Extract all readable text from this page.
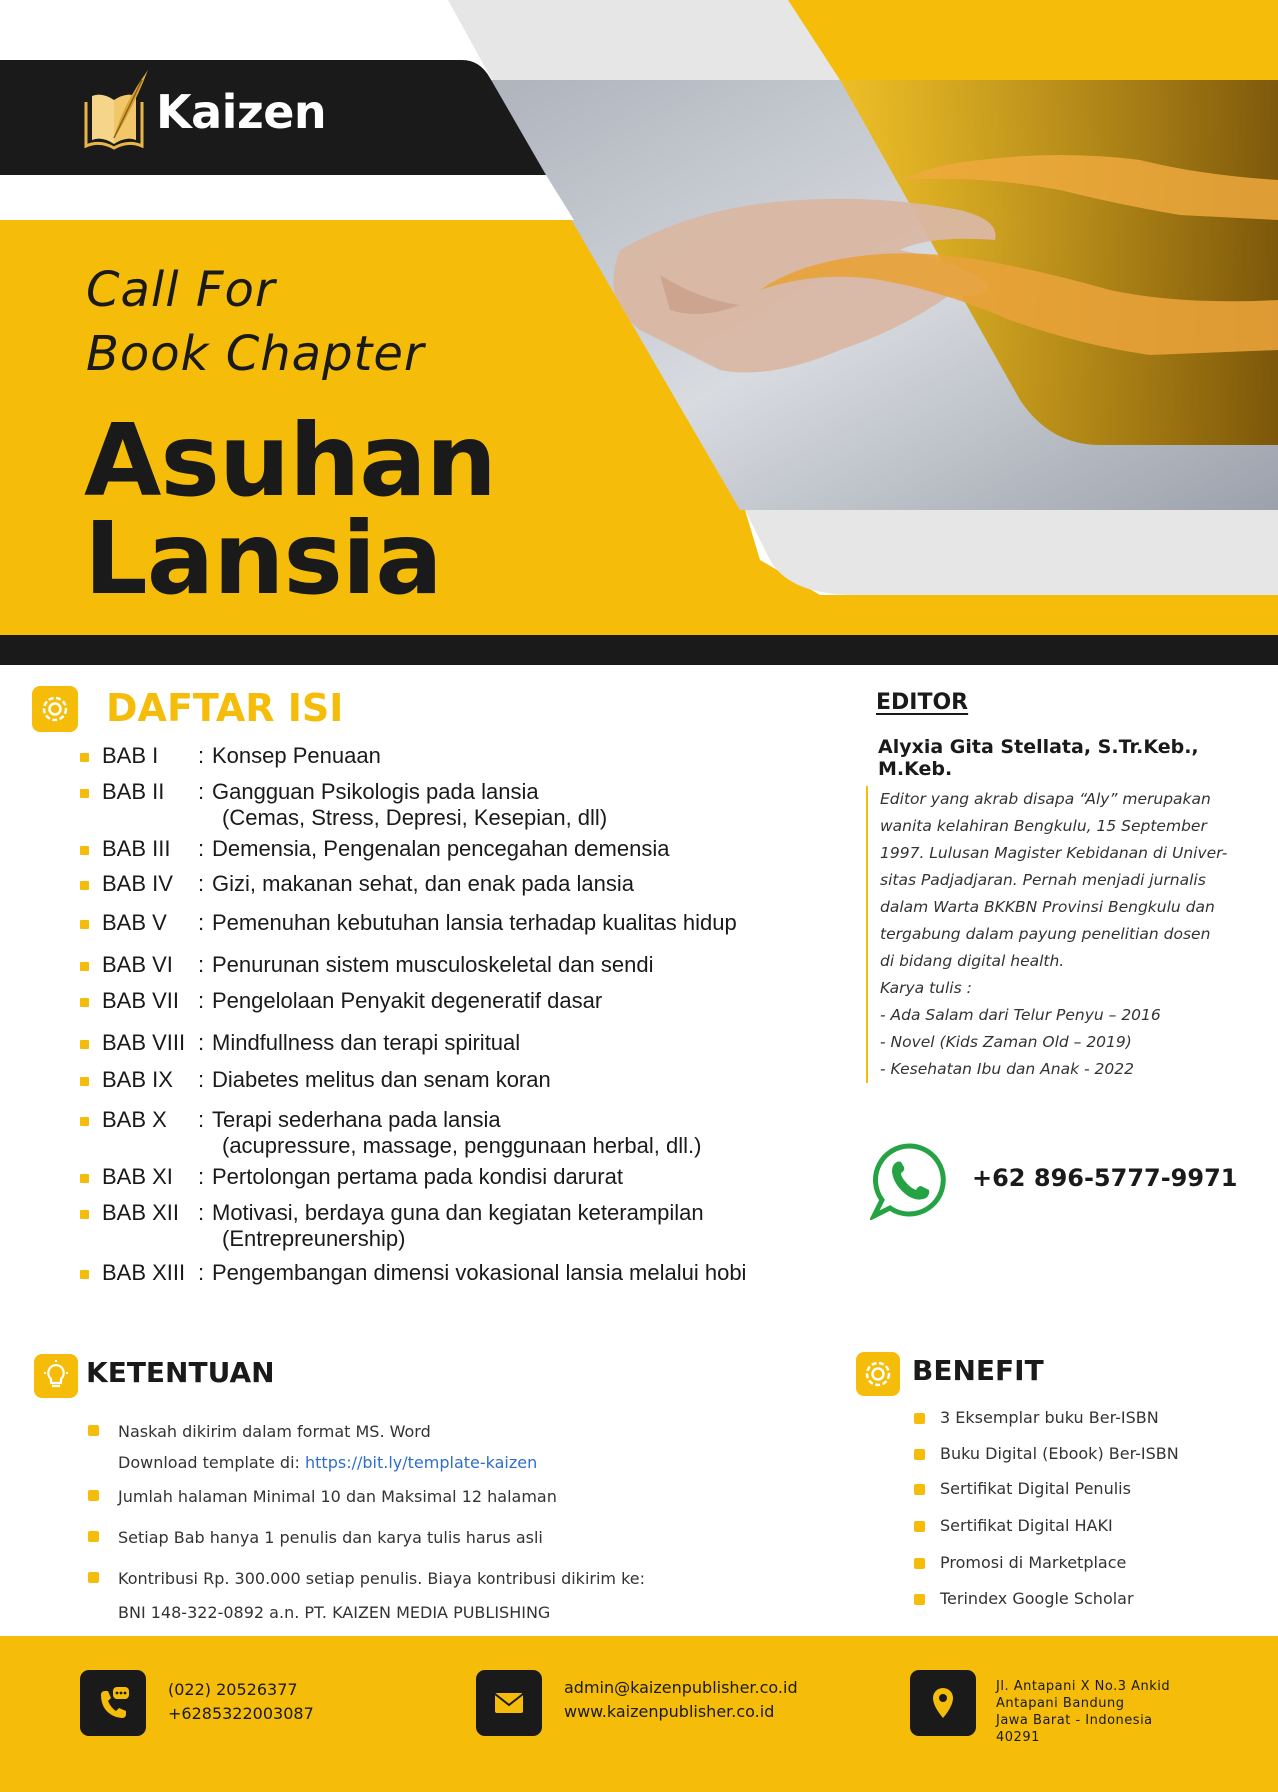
Kaizen
Call For
Book Chapter
Asuhan
Lansia
DAFTAR ISI
BAB I	: Konsep Penuaan
BAB II	: Gangguan Psikologis pada lansia
(Cemas, Stress, Depresi, Kesepian, dll)
BAB III	: Demensia, Pengenalan pencegahan demensia
BAB IV	: Gizi, makanan sehat, dan enak pada lansia
BAB V	: Pemenuhan kebutuhan lansia terhadap kualitas hidup
BAB VI	: Penurunan sistem musculoskeletal dan sendi
BAB VII : Pengelolaan Penyakit degeneratif dasar
BAB VIII : Mindfullness dan terapi spiritual
BAB IX	: Diabetes melitus dan senam koran
BAB X	: Terapi sederhana pada lansia
(acupressure, massage, penggunaan herbal, dll.)
BAB XI	: Pertolongan pertama pada kondisi darurat
BAB XII : Motivasi, berdaya guna dan kegiatan keterampilan
(Entrepreunership)
BAB XIII : Pengembangan dimensi vokasional lansia melalui hobi
EDITOR
Alyxia Gita Stellata, S.Tr.Keb.,
M.Keb.
Editor yang akrab disapa “Aly” merupakan
wanita kelahiran Bengkulu, 15 September
1997. Lulusan Magister Kebidanan di Univer-
sitas Padjadjaran. Pernah menjadi jurnalis
dalam Warta BKKBN Provinsi Bengkulu dan
tergabung dalam payung penelitian dosen
di bidang digital health.
Karya tulis :
- Ada Salam dari Telur Penyu – 2016
- Novel (Kids Zaman Old – 2019)
- Kesehatan Ibu dan Anak - 2022
+62 896-5777-9971
KETENTUAN
Naskah dikirim dalam format MS. Word
Download template di: https://bit.ly/template-kaizen
Jumlah halaman Minimal 10 dan Maksimal 12 halaman
Setiap Bab hanya 1 penulis dan karya tulis harus asli
Kontribusi Rp. 300.000 setiap penulis. Biaya kontribusi dikirim ke:
BNI 148-322-0892 a.n. PT. KAIZEN MEDIA PUBLISHING
BENEFIT
3 Eksemplar buku Ber-ISBN
Buku Digital (Ebook) Ber-ISBN
Sertifikat Digital Penulis
Sertifikat Digital HAKI
Promosi di Marketplace
Terindex Google Scholar
(022) 20526377
+6285322003087
admin@kaizenpublisher.co.id
www.kaizenpublisher.co.id
Jl. Antapani X No.3 Ankid
Antapani Bandung
Jawa Barat - Indonesia
40291
